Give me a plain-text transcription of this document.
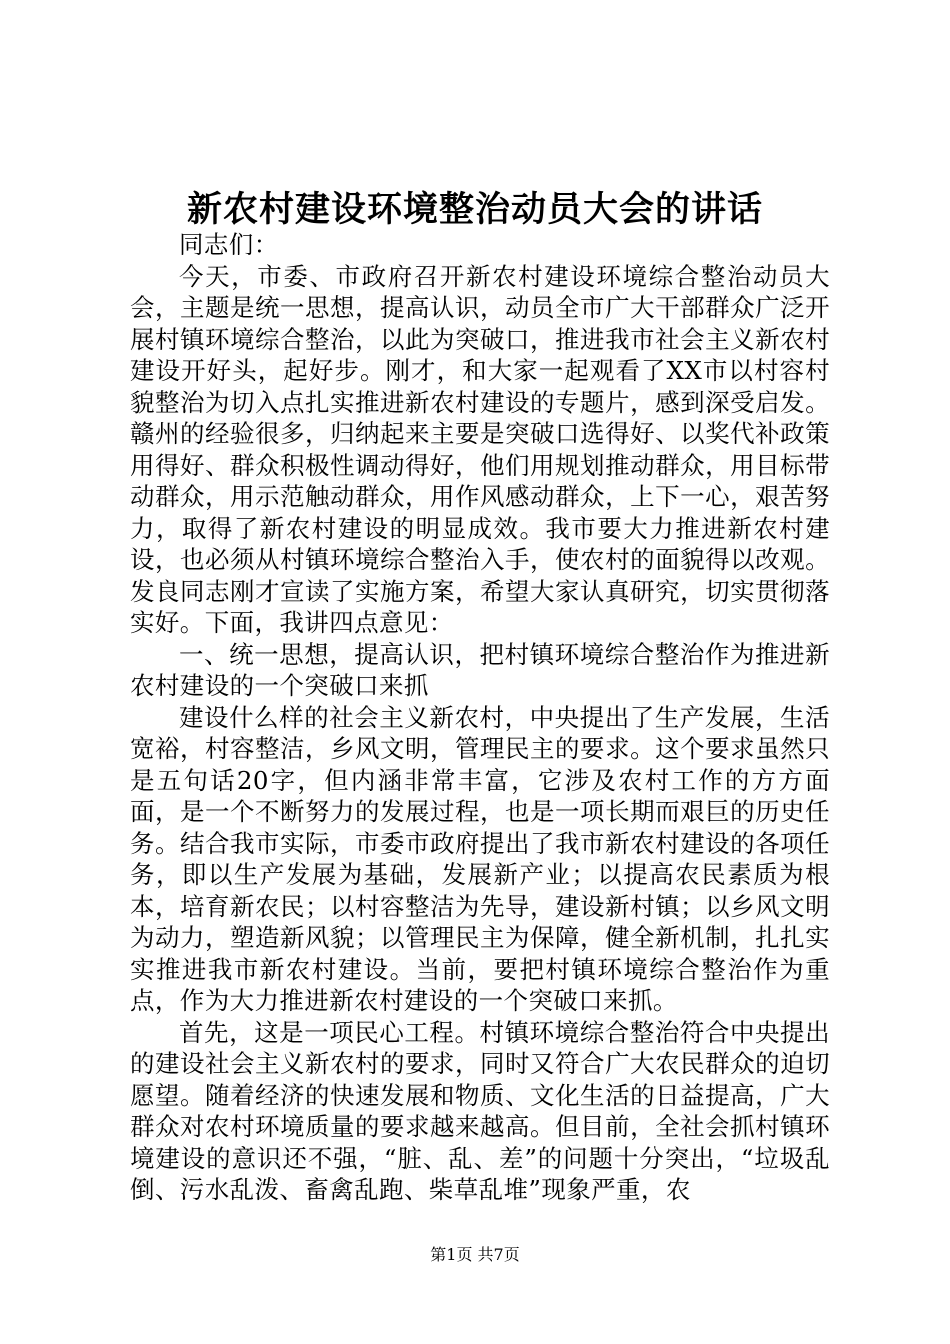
新农村建设环境整治动员大会的讲话

同志们：

今天，市委、市政府召开新农村建设环境综合整治动员大会，主题是统一思想，提高认识，动员全市广大干部群众广泛开展村镇环境综合整治，以此为突破口，推进我市社会主义新农村建设开好头，起好步。刚才，和大家一起观看了XX市以村容村貌整治为切入点扎实推进新农村建设的专题片，感到深受启发。赣州的经验很多，归纳起来主要是突破口选得好、以奖代补政策用得好、群众积极性调动得好，他们用规划推动群众，用目标带动群众，用示范触动群众，用作风感动群众，上下一心，艰苦努力，取得了新农村建设的明显成效。我市要大力推进新农村建设，也必须从村镇环境综合整治入手，使农村的面貌得以改观。发良同志刚才宣读了实施方案，希望大家认真研究，切实贯彻落实好。下面，我讲四点意见：

一、统一思想，提高认识，把村镇环境综合整治作为推进新农村建设的一个突破口来抓

建设什么样的社会主义新农村，中央提出了生产发展，生活宽裕，村容整洁，乡风文明，管理民主的要求。这个要求虽然只是五句话20字，但内涵非常丰富，它涉及农村工作的方方面面，是一个不断努力的发展过程，也是一项长期而艰巨的历史任务。结合我市实际，市委市政府提出了我市新农村建设的各项任务，即以生产发展为基础，发展新产业；以提高农民素质为根本，培育新农民；以村容整洁为先导，建设新村镇；以乡风文明为动力，塑造新风貌；以管理民主为保障，健全新机制，扎扎实实推进我市新农村建设。当前，要把村镇环境综合整治作为重点，作为大力推进新农村建设的一个突破口来抓。

首先，这是一项民心工程。村镇环境综合整治符合中央提出的建设社会主义新农村的要求，同时又符合广大农民群众的迫切愿望。随着经济的快速发展和物质、文化生活的日益提高，广大群众对农村环境质量的要求越来越高。但目前，全社会抓村镇环境建设的意识还不强，“脏、乱、差”的问题十分突出，“垃圾乱倒、污水乱泼、畜禽乱跑、柴草乱堆”现象严重，农

第1页 共7页
